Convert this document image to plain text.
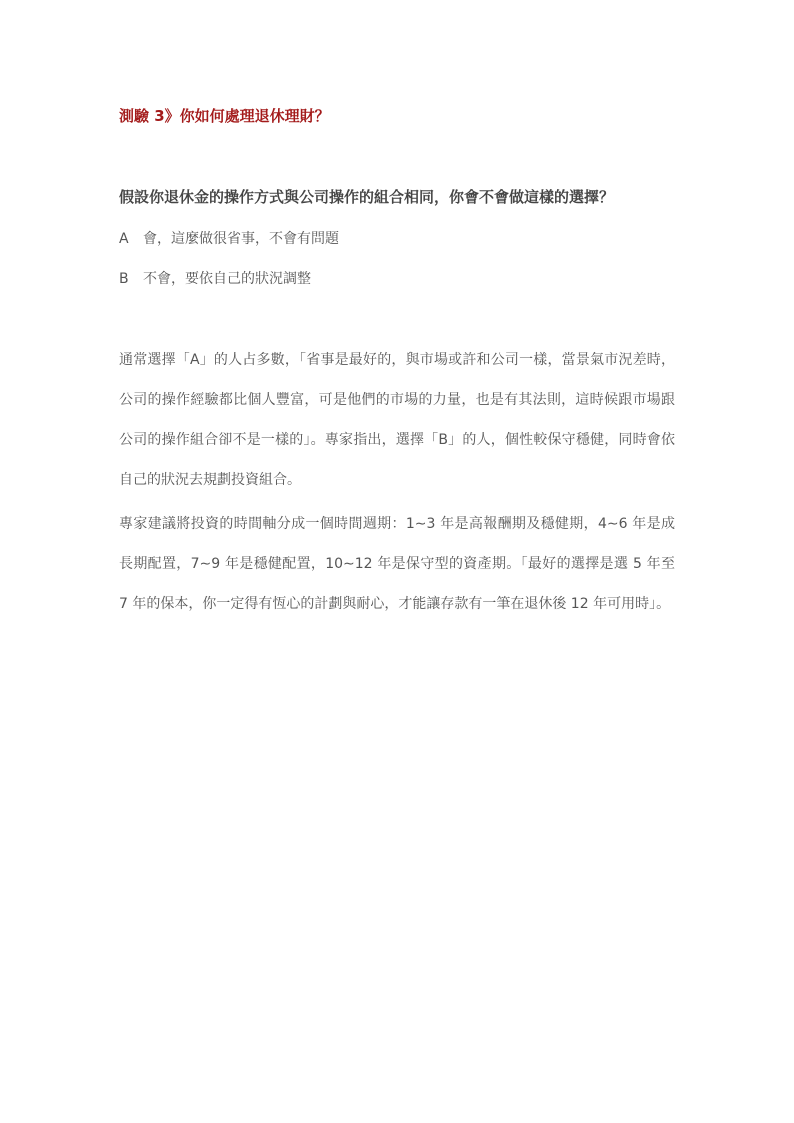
測驗 3》你如何處理退休理財？
假設你退休金的操作方式與公司操作的組合相同，你會不會做這樣的選擇？
A 會，這麼做很省事，不會有問題
B 不會，要依自己的狀況調整

通常選擇「A」的人占多數，「省事是最好的，與市場或許和公司一樣，當景氣市況差時，公司的操作經驗都比個人豐富，可是他們的市場的力量，也是有其法則，這時候跟市場跟公司的操作組合卻不是一樣的」。專家指出，選擇「B」的人，個性較保守穩健，同時會依自己的狀況去規劃投資組合。

專家建議將投資的時間軸分成一個時間週期：1∼3 年是高報酬期及穩健期，4∼6 年是成長期配置，7∼9 年是穩健配置，10∼12 年是保守型的資產期。「最好的選擇是選 5 年至 7 年的保本，你一定得有恆心的計劃與耐心，才能讓存款有一筆在退休後 12 年可用時」。
